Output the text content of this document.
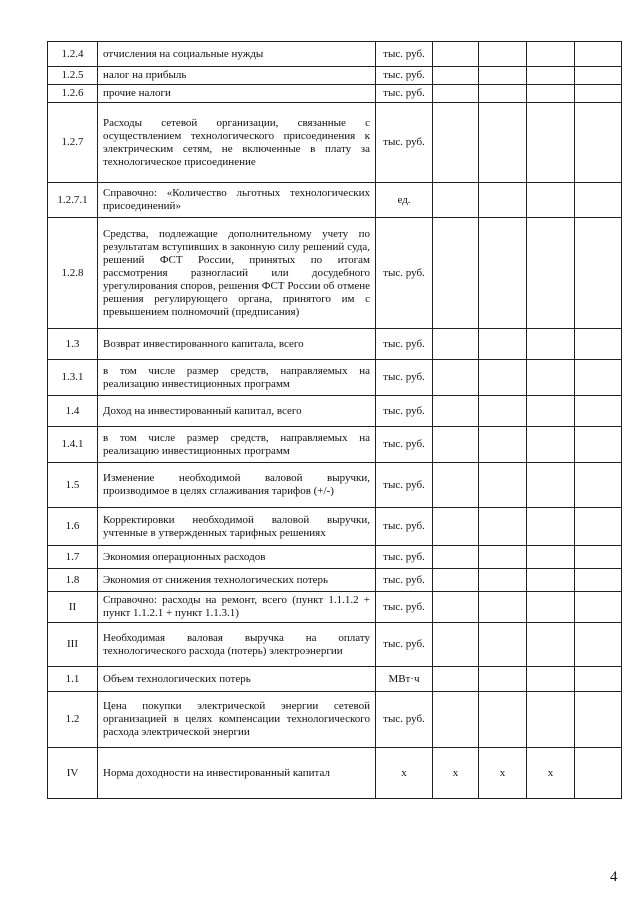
1.2.4	отчисления на социальные нужды	тыс. руб.				
1.2.5	налог на прибыль	тыс. руб.				
1.2.6	прочие налоги	тыс. руб.				
1.2.7	Расходы сетевой организации, связанные с осуществлением технологического присоединения к электрическим сетям, не включенные в плату за технологическое присоединение	тыс. руб.				
1.2.7.1	Справочно: «Количество льготных технологических присоединений»	ед.				
1.2.8	Средства, подлежащие дополнительному учету по результатам вступивших в законную силу решений суда, решений ФСТ России, принятых по итогам рассмотрения разногласий или досудебного урегулирования споров, решения ФСТ России об отмене решения регулирующего органа, принятого им с превышением полномочий (предписания)	тыс. руб.				
1.3	Возврат инвестированного капитала, всего	тыс. руб.				
1.3.1	в том числе размер средств, направляемых на реализацию инвестиционных программ	тыс. руб.				
1.4	Доход на инвестированный капитал, всего	тыс. руб.				
1.4.1	в том числе размер средств, направляемых на реализацию инвестиционных программ	тыс. руб.				
1.5	Изменение необходимой валовой выручки, производимое в целях сглаживания тарифов (+/-)	тыс. руб.				
1.6	Корректировки необходимой валовой выручки, учтенные в утвержденных тарифных решениях	тыс. руб.				
1.7	Экономия операционных расходов	тыс. руб.				
1.8	Экономия от снижения технологических потерь	тыс. руб.				
II	Справочно: расходы на ремонт, всего (пункт 1.1.1.2 + пункт 1.1.2.1 + пункт 1.1.3.1)	тыс. руб.				
III	Необходимая валовая выручка на оплату технологического расхода (потерь) электроэнергии	тыс. руб.				
1.1	Объем технологических потерь	МВт·ч				
1.2	Цена покупки электрической энергии сетевой организацией в целях компенсации технологического расхода электрической энергии	тыс. руб.				
IV	Норма доходности на инвестированный капитал	x	x	x	x	
4
